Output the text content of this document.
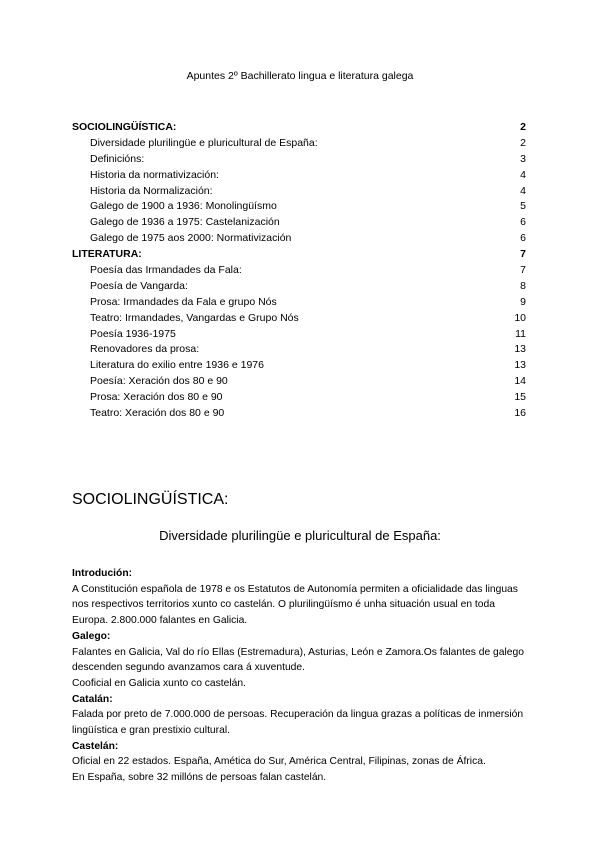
Apuntes 2º Bachillerato lingua e literatura galega
SOCIOLINGÜÍSTICA:	2
Diversidade plurilingüe e pluricultural de España:	2
Definicións:	3
Historia da normativización:	4
Historia da Normalización:	4
Galego de 1900 a 1936: Monolingüísmo	5
Galego de 1936 a 1975: Castelanización	6
Galego de 1975 aos 2000: Normativización	6
LITERATURA:	7
Poesía das Irmandades da Fala:	7
Poesía de Vangarda:	8
Prosa: Irmandades da Fala e grupo Nós	9
Teatro: Irmandades, Vangardas e Grupo Nós	10
Poesía 1936-1975	11
Renovadores da prosa:	13
Literatura do exilio entre 1936 e 1976	13
Poesía: Xeración dos 80 e 90	14
Prosa: Xeración dos 80 e 90	15
Teatro: Xeración dos 80 e 90	16
SOCIOLINGÜÍSTICA:
Diversidade plurilingüe e pluricultural de España:

Introdución:

A Constitución española de 1978 e os Estatutos de Autonomía permiten a oficialidade das linguas nos respectivos territorios xunto co castelán. O plurilingüísmo é unha situación usual en toda Europa. 2.800.000 falantes en Galicia.

Galego:

Falantes en Galicia, Val do río Ellas (Estremadura), Asturias, León e Zamora.Os falantes de galego descenden segundo avanzamos cara á xuventude.
Cooficial en Galicia xunto co castelán.

Catalán:

Falada por preto de 7.000.000 de persoas. Recuperación da lingua grazas a políticas de inmersión lingüística e gran prestixio cultural.

Castelán:

Oficial en 22 estados. España, Amética do Sur, América Central, Filipinas, zonas de África.
En España, sobre 32 millóns de persoas falan castelán.
